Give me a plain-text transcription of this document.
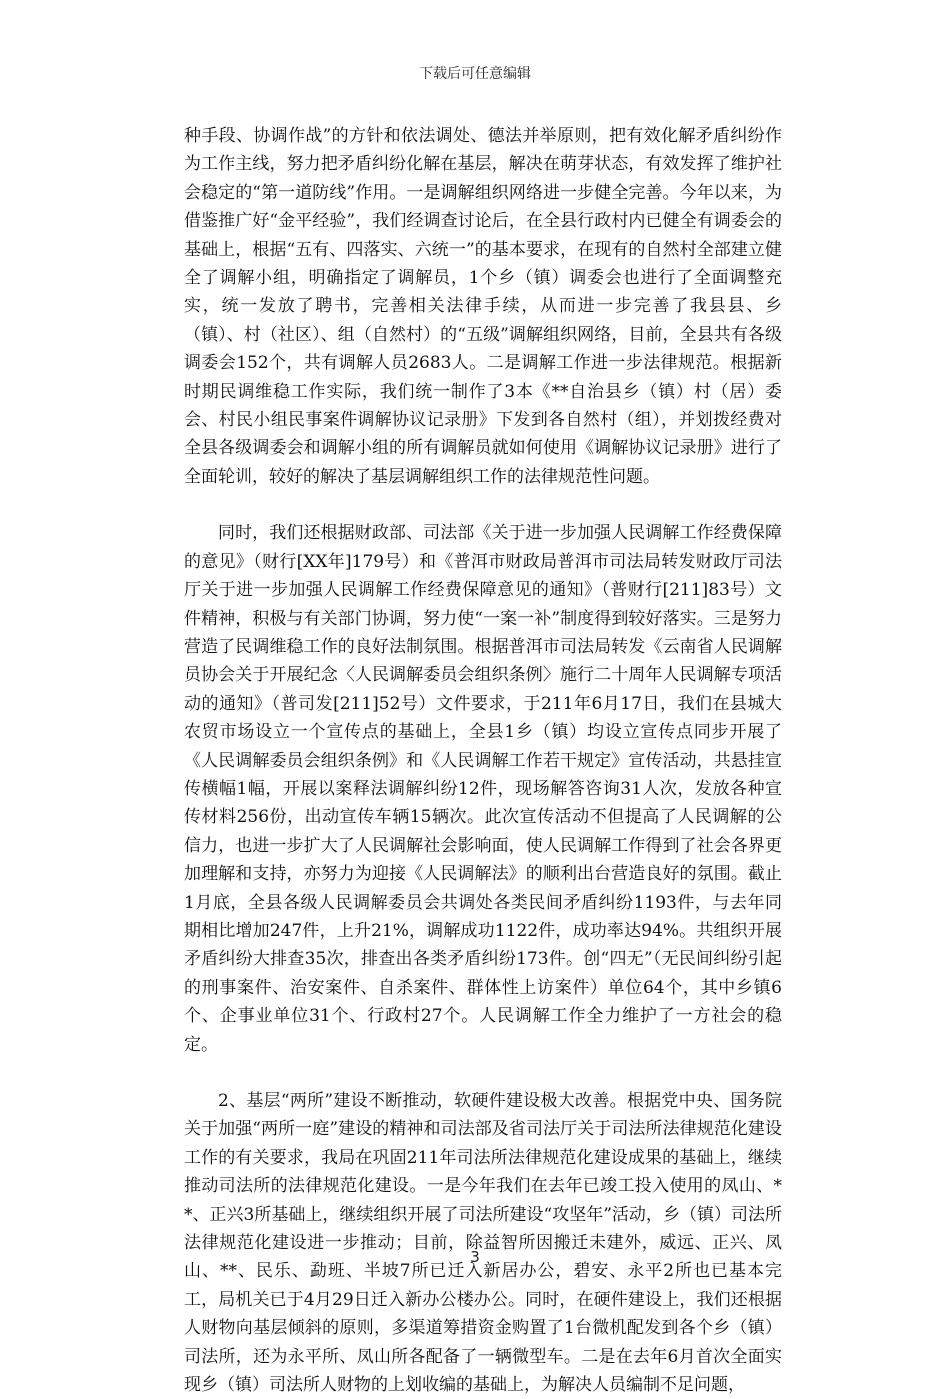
下载后可任意编辑

种手段、协调作战”的方针和依法调处、德法并举原则，把有效化解矛盾纠纷作为工作主线，努力把矛盾纠纷化解在基层，解决在萌芽状态，有效发挥了维护社会稳定的“第一道防线”作用。一是调解组织网络进一步健全完善。今年以来，为借鉴推广好“金平经验”，我们经调查讨论后，在全县行政村内已健全有调委会的基础上，根据“五有、四落实、六统一”的基本要求，在现有的自然村全部建立健全了调解小组，明确指定了调解员，1个乡（镇）调委会也进行了全面调整充实，统一发放了聘书，完善相关法律手续，从而进一步完善了我县县、乡（镇）、村（社区）、组（自然村）的“五级”调解组织网络，目前，全县共有各级调委会152个，共有调解人员2683人。二是调解工作进一步法律规范。根据新时期民调维稳工作实际，我们统一制作了3本《**自治县乡（镇）村（居）委会、村民小组民事案件调解协议记录册》下发到各自然村（组），并划拨经费对全县各级调委会和调解小组的所有调解员就如何使用《调解协议记录册》进行了全面轮训，较好的解决了基层调解组织工作的法律规范性问题。

同时，我们还根据财政部、司法部《关于进一步加强人民调解工作经费保障的意见》（财行[XX年]179号）和《普洱市财政局普洱市司法局转发财政厅司法厅关于进一步加强人民调解工作经费保障意见的通知》（普财行[211]83号）文件精神，积极与有关部门协调，努力使“一案一补”制度得到较好落实。三是努力营造了民调维稳工作的良好法制氛围。根据普洱市司法局转发《云南省人民调解员协会关于开展纪念〈人民调解委员会组织条例〉施行二十周年人民调解专项活动的通知》（普司发[211]52号）文件要求，于211年6月17日，我们在县城大农贸市场设立一个宣传点的基础上，全县1乡（镇）均设立宣传点同步开展了《人民调解委员会组织条例》和《人民调解工作若干规定》宣传活动，共悬挂宣传横幅1幅，开展以案释法调解纠纷12件，现场解答咨询31人次，发放各种宣传材料256份，出动宣传车辆15辆次。此次宣传活动不但提高了人民调解的公信力，也进一步扩大了人民调解社会影响面，使人民调解工作得到了社会各界更加理解和支持，亦努力为迎接《人民调解法》的顺利出台营造良好的氛围。截止1月底，全县各级人民调解委员会共调处各类民间矛盾纠纷1193件，与去年同期相比增加247件，上升21%，调解成功1122件，成功率达94%。共组织开展矛盾纠纷大排查35次，排查出各类矛盾纠纷173件。创“四无”（无民间纠纷引起的刑事案件、治安案件、自杀案件、群体性上访案件）单位64个，其中乡镇6个、企事业单位31个、行政村27个。人民调解工作全力维护了一方社会的稳定。

2、基层“两所”建设不断推动，软硬件建设极大改善。根据党中央、国务院关于加强“两所一庭”建设的精神和司法部及省司法厅关于司法所法律规范化建设工作的有关要求，我局在巩固211年司法所法律规范化建设成果的基础上，继续推动司法所的法律规范化建设。一是今年我们在去年已竣工投入使用的凤山、**、正兴3所基础上，继续组织开展了司法所建设“攻坚年”活动，乡（镇）司法所法律规范化建设进一步推动；目前，除益智所因搬迁未建外，威远、正兴、凤山、**、民乐、勐班、半坡7所已迁入新居办公，碧安、永平2所也已基本完工，局机关已于4月29日迁入新办公楼办公。同时，在硬件建设上，我们还根据人财物向基层倾斜的原则，多渠道筹措资金购置了1台微机配发到各个乡（镇）司法所，还为永平所、凤山所各配备了一辆微型车。二是在去年6月首次全面实现乡（镇）司法所人财物的上划收编的基础上，为解决人员编制不足问题，

3
